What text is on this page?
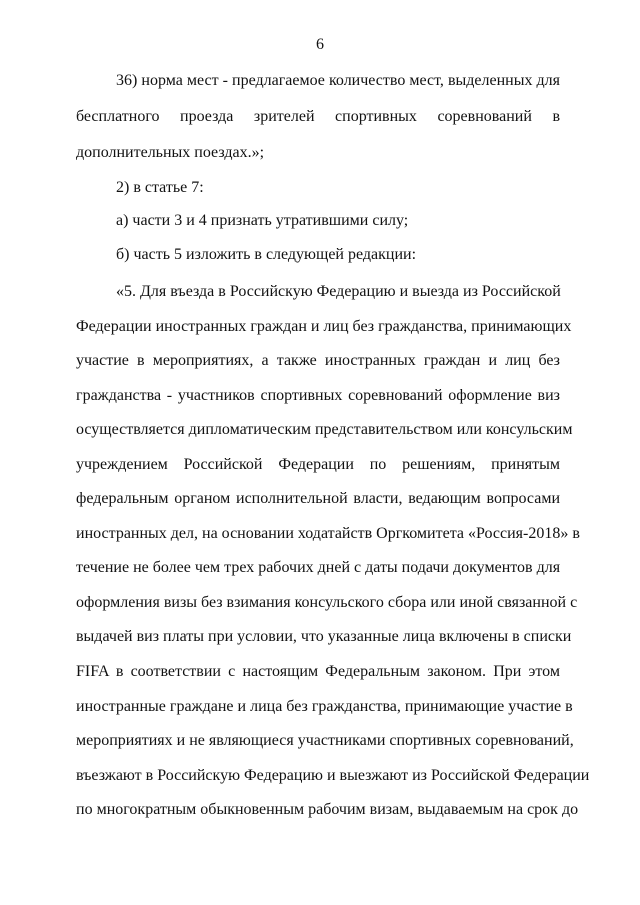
6
36) норма мест - предлагаемое количество мест, выделенных для
бесплатного проезда зрителей спортивных соревнований в
дополнительных поездах.»;
2) в статье 7:
а) части 3 и 4 признать утратившими силу;
б) часть 5 изложить в следующей редакции:
«5. Для въезда в Российскую Федерацию и выезда из Российской
Федерации иностранных граждан и лиц без гражданства, принимающих
участие в мероприятиях, а также иностранных граждан и лиц без
гражданства - участников спортивных соревнований оформление виз
осуществляется дипломатическим представительством или консульским
учреждением Российской Федерации по решениям, принятым
федеральным органом исполнительной власти, ведающим вопросами
иностранных дел, на основании ходатайств Оргкомитета «Россия-2018» в
течение не более чем трех рабочих дней с даты подачи документов для
оформления визы без взимания консульского сбора или иной связанной с
выдачей виз платы при условии, что указанные лица включены в списки
FIFA в соответствии с настоящим Федеральным законом. При этом
иностранные граждане и лица без гражданства, принимающие участие в
мероприятиях и не являющиеся участниками спортивных соревнований,
въезжают в Российскую Федерацию и выезжают из Российской Федерации
по многократным обыкновенным рабочим визам, выдаваемым на срок до
